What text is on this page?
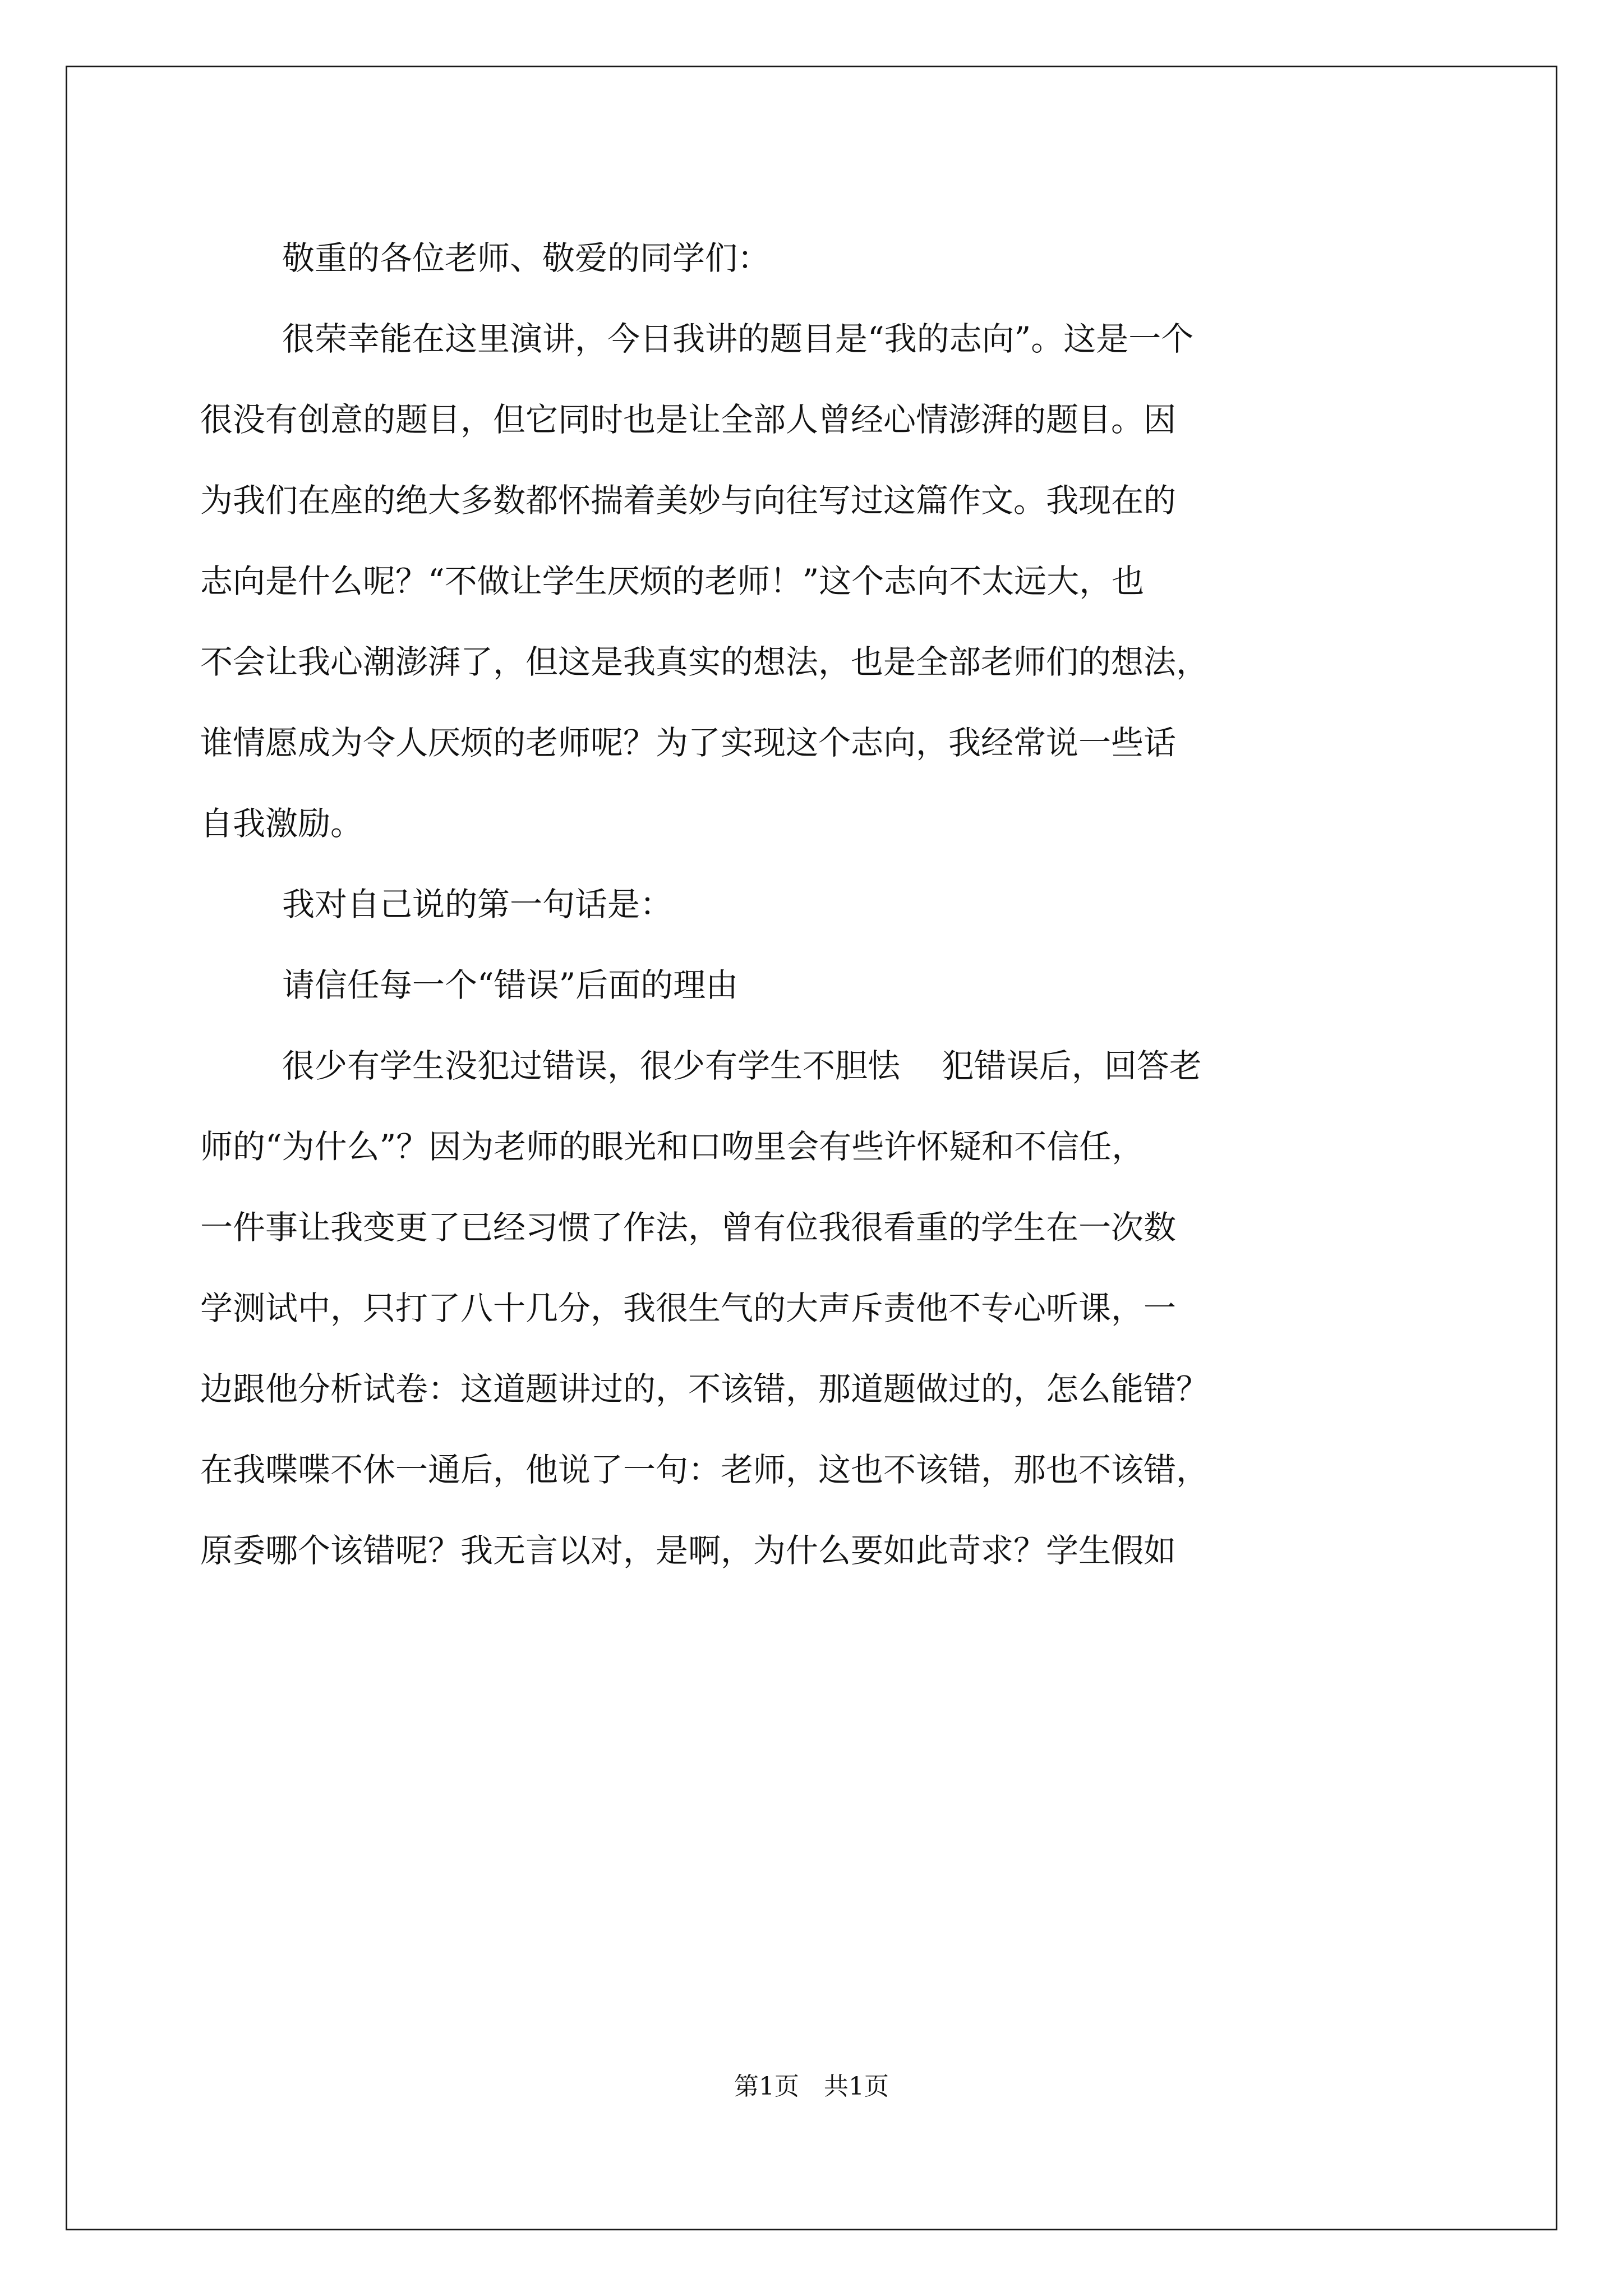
敬重的各位老师、敬爱的同学们：
很荣幸能在这里演讲，今日我讲的题目是“我的志向”。这是一个
很没有创意的题目，但它同时也是让全部人曾经心情澎湃的题目。因
为我们在座的绝大多数都怀揣着美妙与向往写过这篇作文。我现在的
志向是什么呢？“不做让学生厌烦的老师！”这个志向不太远大，也
不会让我心潮澎湃了，但这是我真实的想法，也是全部老师们的想法，
谁情愿成为令人厌烦的老师呢？为了实现这个志向，我经常说一些话
自我激励。
我对自己说的第一句话是：
请信任每一个“错误”后面的理由
很少有学生没犯过错误，很少有学生不胆怯    犯错误后，回答老
师的“为什么”？因为老师的眼光和口吻里会有些许怀疑和不信任，
一件事让我变更了已经习惯了作法，曾有位我很看重的学生在一次数
学测试中，只打了八十几分，我很生气的大声斥责他不专心听课，一
边跟他分析试卷：这道题讲过的，不该错，那道题做过的，怎么能错？
在我喋喋不休一通后，他说了一句：老师，这也不该错，那也不该错，
原委哪个该错呢？我无言以对，是啊，为什么要如此苛求？学生假如
第1页　共1页
